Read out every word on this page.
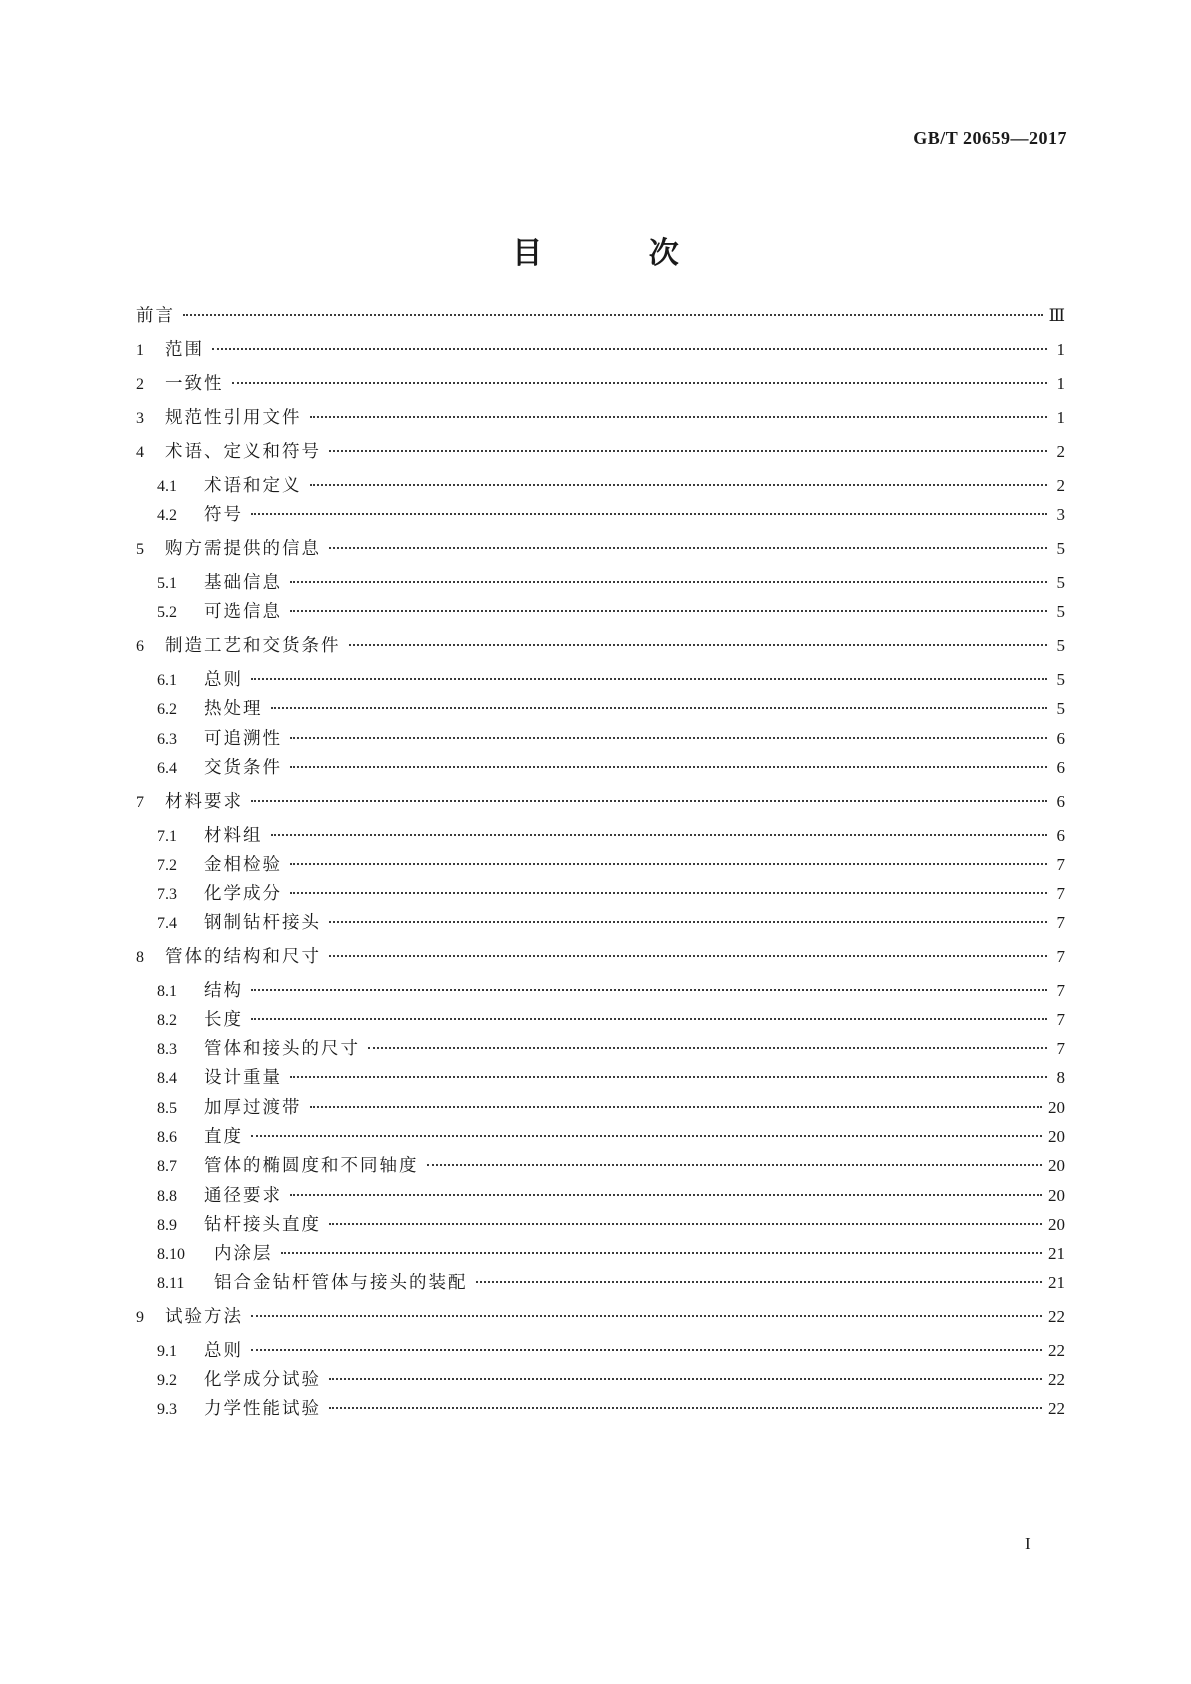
GB/T 20659—2017
目 次
前言	Ⅲ
1	范围	1
2	一致性	1
3	规范性引用文件	1
4	术语、定义和符号	2
4.1	术语和定义	2
4.2	符号	3
5	购方需提供的信息	5
5.1	基础信息	5
5.2	可选信息	5
6	制造工艺和交货条件	5
6.1	总则	5
6.2	热处理	5
6.3	可追溯性	6
6.4	交货条件	6
7	材料要求	6
7.1	材料组	6
7.2	金相检验	7
7.3	化学成分	7
7.4	钢制钻杆接头	7
8	管体的结构和尺寸	7
8.1	结构	7
8.2	长度	7
8.3	管体和接头的尺寸	7
8.4	设计重量	8
8.5	加厚过渡带	20
8.6	直度	20
8.7	管体的椭圆度和不同轴度	20
8.8	通径要求	20
8.9	钻杆接头直度	20
8.10	内涂层	21
8.11	铝合金钻杆管体与接头的装配	21
9	试验方法	22
9.1	总则	22
9.2	化学成分试验	22
9.3	力学性能试验	22
I
